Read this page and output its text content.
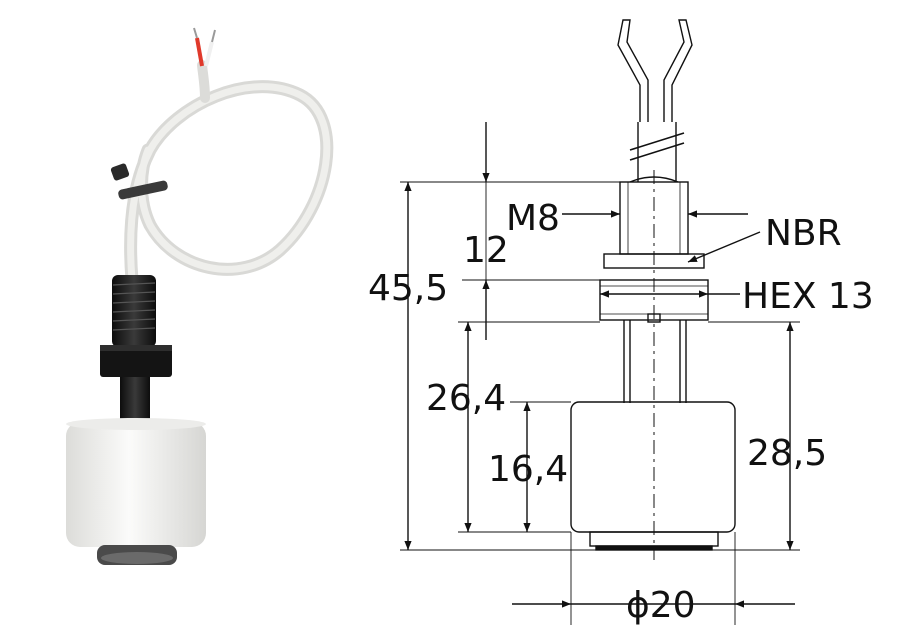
M8	NBR
HEX 13
45,5
12
26,4
16,4	28,5
ϕ20
